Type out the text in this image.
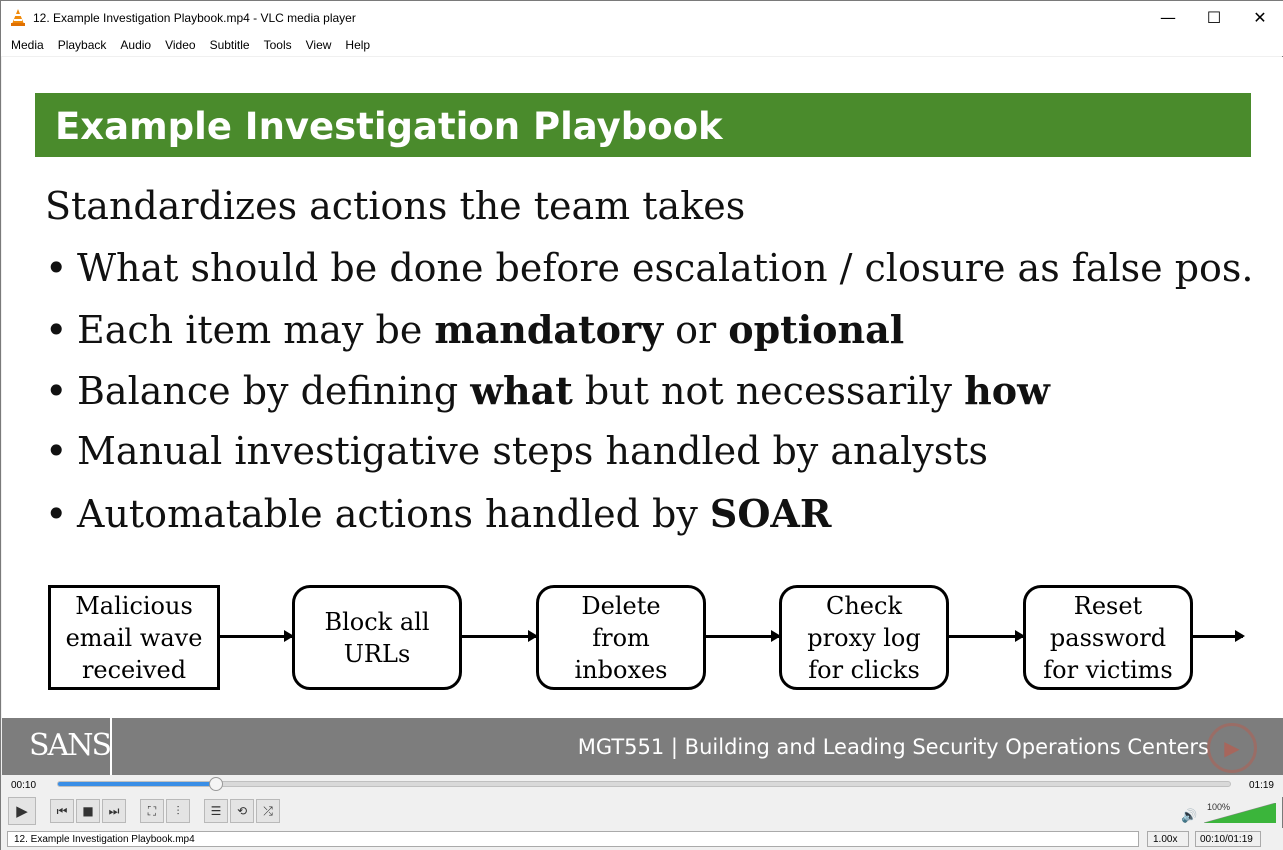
12. Example Investigation Playbook.mp4 - VLC media player	—	☐	✕
Media	Playback	Audio	Video	Subtitle	Tools	View	Help
Example Investigation Playbook
Standardizes actions the team takes
• What should be done before escalation / closure as false pos.
• Each item may be mandatory or optional
• Balance by defining what but not necessarily how
• Manual investigative steps handled by analysts
• Automatable actions handled by SOAR
Malicious
email wave
received
Block all
URLs
Delete
from
inboxes
Check
proxy log
for clicks
Reset
password
for victims
SANS	MGT551 | Building and Leading Security Operations Centers ▶
00:10	01:19
▶ ⏮ ■ ⏭ ⛶ ⫶	☰ ⟲ ⤮	🔊
100%
12. Example Investigation Playbook.mp4	1.00x	00:10/01:19
